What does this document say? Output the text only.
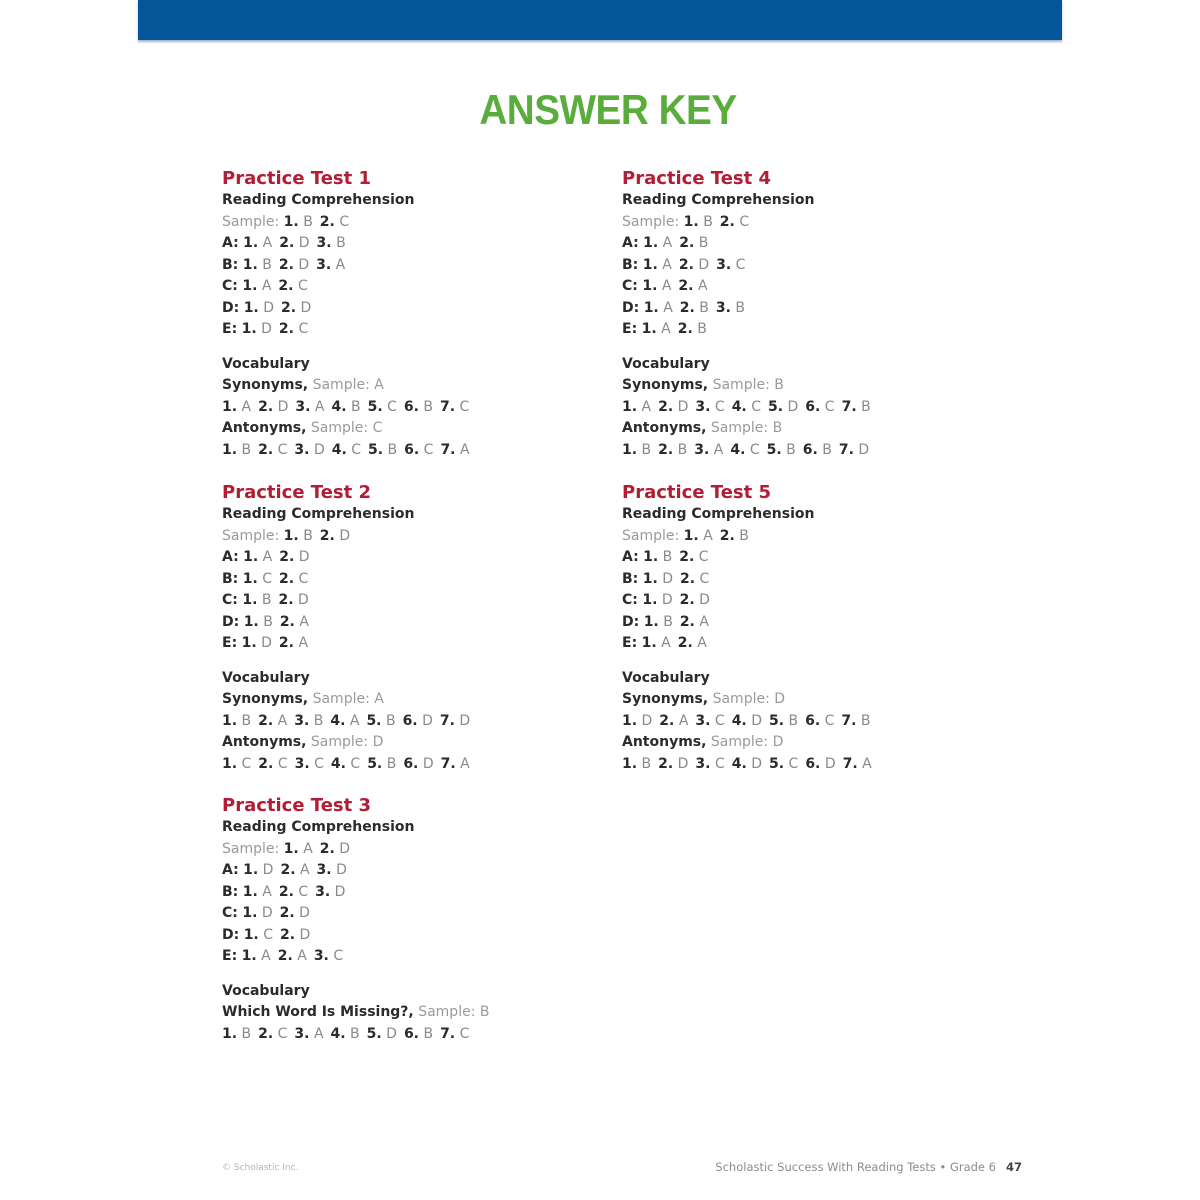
ANSWER KEY
Practice Test 1
Reading Comprehension
Sample: 1. B 2. C
A: 1. A 2. D 3. B
B: 1. B 2. D 3. A
C: 1. A 2. C
D: 1. D 2. D
E: 1. D 2. C
Vocabulary
Synonyms, Sample: A
1. A 2. D 3. A 4. B 5. C 6. B 7. C
Antonyms, Sample: C
1. B 2. C 3. D 4. C 5. B 6. C 7. A
Practice Test 2
Reading Comprehension
Sample: 1. B 2. D
A: 1. A 2. D
B: 1. C 2. C
C: 1. B 2. D
D: 1. B 2. A
E: 1. D 2. A
Vocabulary
Synonyms, Sample: A
1. B 2. A 3. B 4. A 5. B 6. D 7. D
Antonyms, Sample: D
1. C 2. C 3. C 4. C 5. B 6. D 7. A
Practice Test 3
Reading Comprehension
Sample: 1. A 2. D
A: 1. D 2. A 3. D
B: 1. A 2. C 3. D
C: 1. D 2. D
D: 1. C 2. D
E: 1. A 2. A 3. C
Vocabulary
Which Word Is Missing?, Sample: B
1. B 2. C 3. A 4. B 5. D 6. B 7. C
Practice Test 4
Reading Comprehension
Sample: 1. B 2. C
A: 1. A 2. B
B: 1. A 2. D 3. C
C: 1. A 2. A
D: 1. A 2. B 3. B
E: 1. A 2. B
Vocabulary
Synonyms, Sample: B
1. A 2. D 3. C 4. C 5. D 6. C 7. B
Antonyms, Sample: B
1. B 2. B 3. A 4. C 5. B 6. B 7. D
Practice Test 5
Reading Comprehension
Sample: 1. A 2. B
A: 1. B 2. C
B: 1. D 2. C
C: 1. D 2. D
D: 1. B 2. A
E: 1. A 2. A
Vocabulary
Synonyms, Sample: D
1. D 2. A 3. C 4. D 5. B 6. C 7. B
Antonyms, Sample: D
1. B 2. D 3. C 4. D 5. C 6. D 7. A
© Scholastic Inc.	Scholastic Success With Reading Tests • Grade 6 47
